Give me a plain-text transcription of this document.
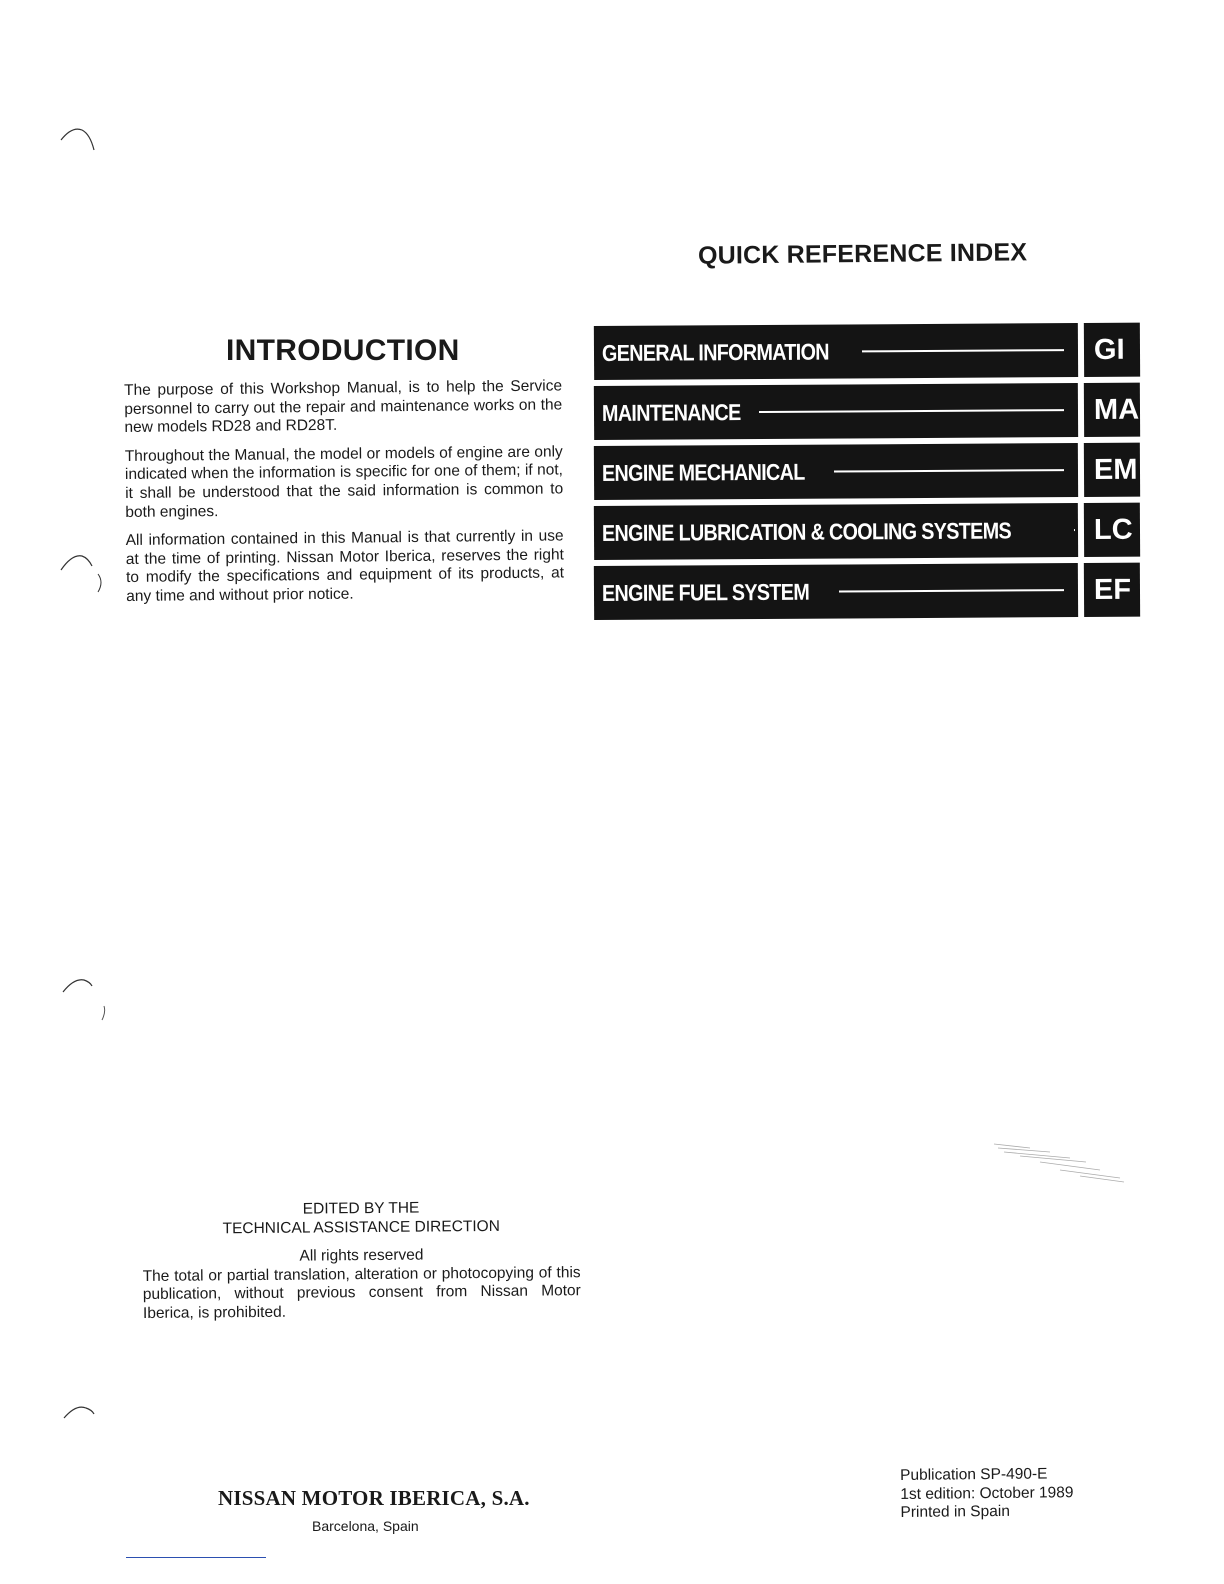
QUICK REFERENCE INDEX
GENERAL INFORMATION	GI
MAINTENANCE	MA
ENGINE MECHANICAL	EM
ENGINE LUBRICATION & COOLING SYSTEMS	LC
ENGINE FUEL SYSTEM	EF
INTRODUCTION

The purpose of this Workshop Manual, is to help the Service personnel to carry out the repair and maintenance works on the new models RD28 and RD28T.

Throughout the Manual, the model or models of engine are only indicated when the information is specific for one of them; if not, it shall be understood that the said information is common to both engines.

All information contained in this Manual is that currently in use at the time of printing. Nissan Motor Iberica, reserves the right to modify the specifications and equipment of its products, at any time and without prior notice.

EDITED BY THE
TECHNICAL ASSISTANCE DIRECTION
All rights reserved
The total or partial translation, alteration or photocopying of this publication, without previous consent from Nissan Motor Iberica, is prohibited.
NISSAN MOTOR IBERICA, S.A.
Barcelona, Spain
Publication SP-490-E
1st edition: October 1989
Printed in Spain
